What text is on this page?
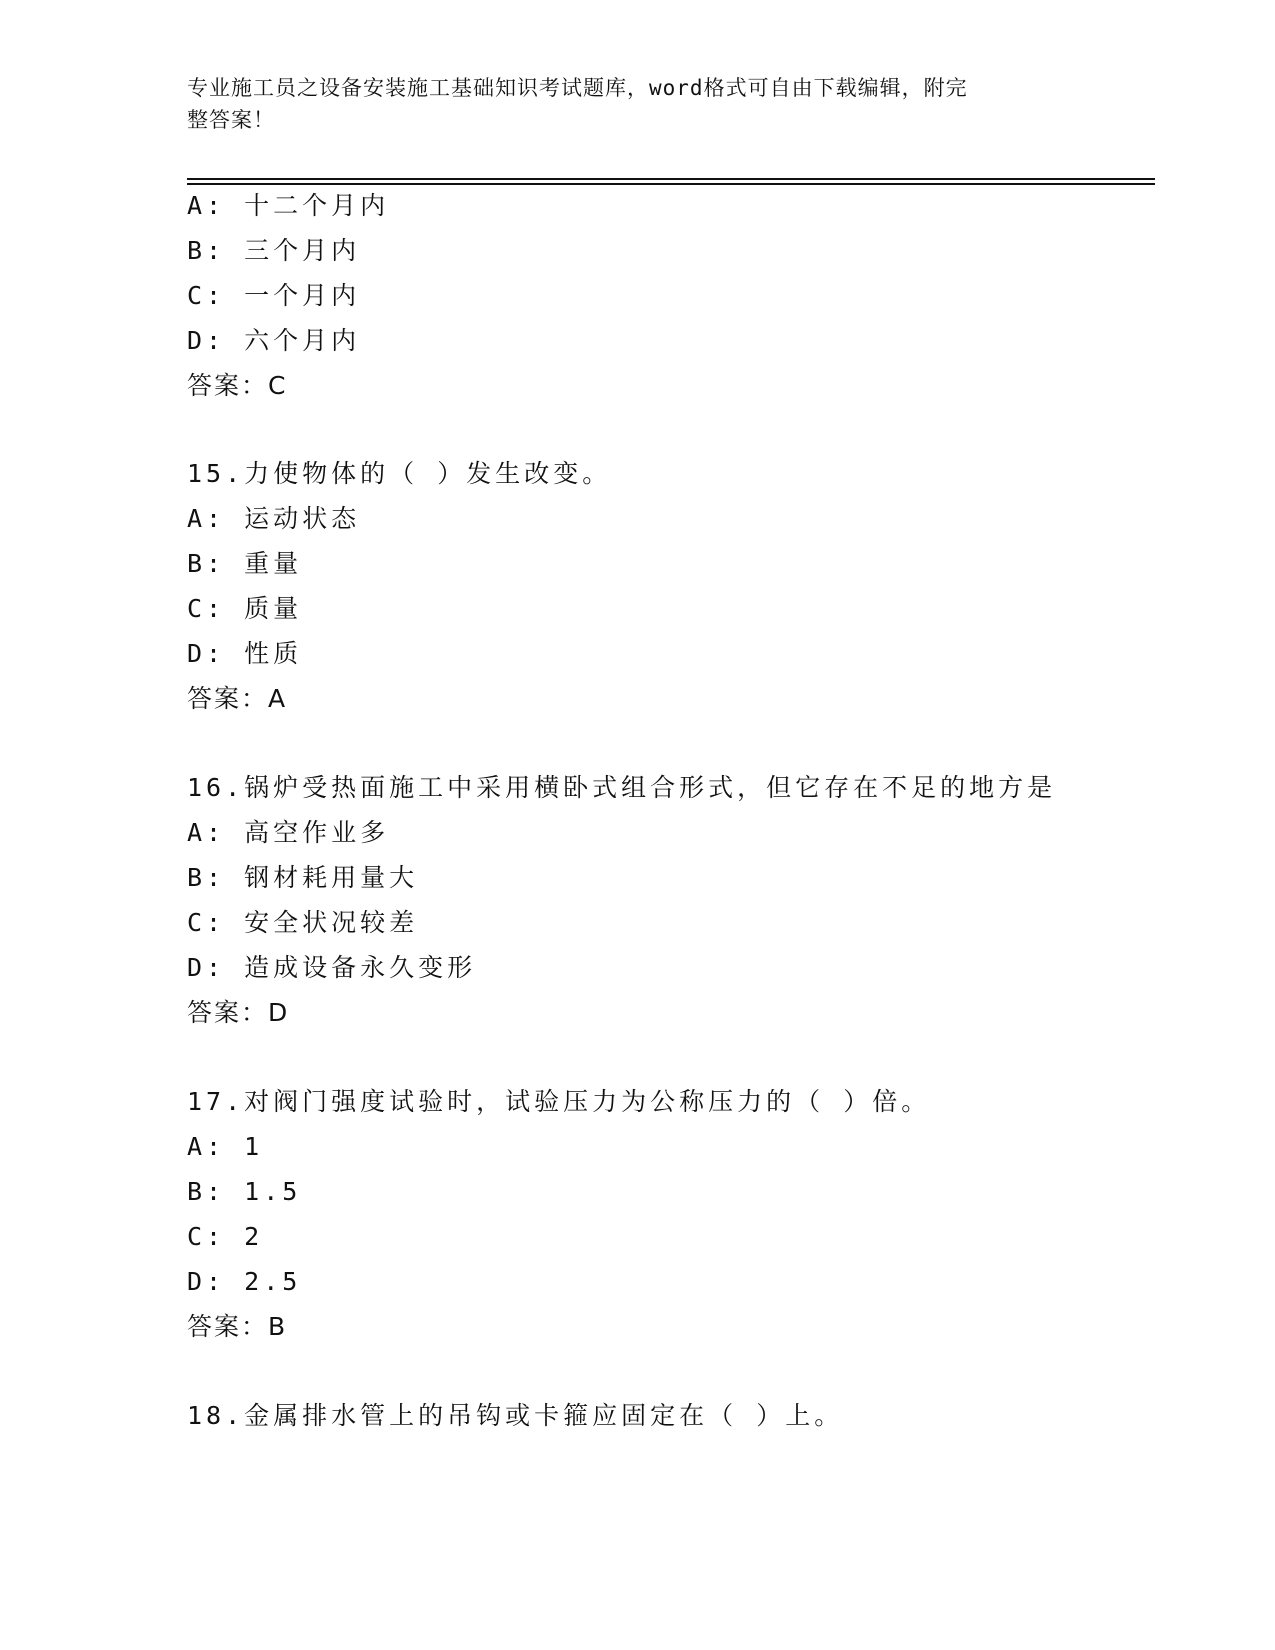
专业施工员之设备安装施工基础知识考试题库，word格式可自由下载编辑，附完
整答案！
A: 十二个月内
B: 三个月内
C: 一个月内
D: 六个月内
答案：C
15.力使物体的（ ）发生改变。
A: 运动状态
B: 重量
C: 质量
D: 性质
答案：A
16.锅炉受热面施工中采用横卧式组合形式，但它存在不足的地方是
A: 高空作业多
B: 钢材耗用量大
C: 安全状况较差
D: 造成设备永久变形
答案：D
17.对阀门强度试验时，试验压力为公称压力的（ ）倍。
A: 1
B: 1.5
C: 2
D: 2.5
答案：B
18.金属排水管上的吊钩或卡箍应固定在（ ）上。
